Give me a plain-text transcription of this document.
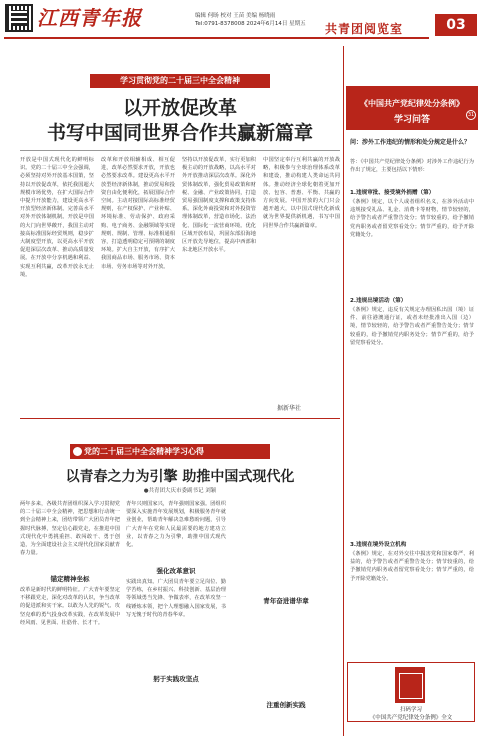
江西青年报	编辑 何旸 校对 王苗 美编 杨晓雨
Tel:0791-8378008 2024年6月14日 星期五 共青团阅览室	03
学习贯彻党的二十届三中全会精神
以开放促改革
书写中国同世界合作共赢新篇章
开放是中国式现代化的鲜明标识。党的二十届三中全会强调，必须坚持对外开放基本国策，坚持以开放促改革，依托我国超大规模市场优势，在扩大国际合作中提升开放能力，建设更高水平开放型经济新体制。完善高水平对外开放体制机制。开放是中国的大门向世界敞开，我国主动对接高标准国际经贸规则，稳步扩大制度型开放，以更高水平开放促进深层次改革、推动高质量发展。在开放中分享机遇和利益、实现互利共赢，改革开放永无止境。
改革和开放相辅相成、相互促进，改革必然要求开放，开放也必然要求改革。建设更高水平开放型经济新体制，推动贸易和投资自由化便利化，拓展国际合作空间。主动对接国际高标准经贸规则，在产权保护、产业补贴、环境标准、劳动保护、政府采购、电子商务、金融领域等实现规则、规制、管理、标准相通相容，打造透明稳定可预期的制度环境。扩大自主开放，有序扩大我国商品市场、服务市场、资本市场、劳务市场等对外开放。
坚持以开放促改革，实行更加积极主动的开放战略，以高水平对外开放推动深层次改革。深化外贸体制改革，强化贸易政策和财税、金融、产业政策协同，打造贸易强国制度支撑和政策支持体系。深化外商投资和对外投资管理体制改革，营造市场化、法治化、国际化一流营商环境。优化区域开放布局，巩固东部沿海地区开放先导地位，提高中西部和东北地区开放水平。
中国坚定奉行互利共赢的开放战略，积极参与全球治理体系改革和建设，推动构建人类命运共同体。推动经济全球化朝着更加开放、包容、普惠、平衡、共赢的方向发展。中国开放的大门只会越开越大，以中国式现代化新成就为世界提供新机遇，书写中国同世界合作共赢新篇章。
据新华社
党的二十届三中全会精神学习心得
以青春之力为引擎 助推中国式现代化
●共青团大庆市委副书记 刘颖
两年多来，各级共青团组织深入学习贯彻党的二十届三中全会精神，把思想和行动统一到全会精神上来，团结带领广大团员青年把握时代脉搏，坚定信心跟党走，在推进中国式现代化中勇挑重担、敢闯敢干、勇于创造，为全面建设社会主义现代化国家贡献青春力量。
锚定精神坐标
改革是新时代的鲜明特征。广大青年要坚定不移跟党走，深化对改革的认识，争当改革的促进派和实干家。以敢为人先的锐气、攻坚克难的勇气投身改革实践，在改革发展中经风雨、见世面、壮筋骨、长才干。
青年兴则国家兴，青年强则国家强。团组织要深入实施青年发展规划，积极服务青年就业创业，帮助青年解决急难愁盼问题，引导广大青年在党和人民最需要的地方建功立业，以青春之力为引擎，助推中国式现代化。
强化改革意识
实践出真知。广大团员青年要立足岗位、勤学苦练，在乡村振兴、科技创新、基层治理等领域勇当先锋、争做表率，在改革攻坚一线锤炼本领，把个人理想融入国家发展，书写无愧于时代的青春华章。
躬于实践攻坚点
青年奋进谱华章
注重创新实践
《中国共产党纪律处分条例》
学习问答	31
问：涉外工作违纪的情形和处分规定是什么？
答：《中国共产党纪律处分条例》对涉外工作违纪行为作出了规定，主要包括以下情形：
1.违规审批、接受境外捐赠（第）
《条例》规定，以个人或者组织名义，在涉外活动中违规接受礼品、礼金、消费卡等财物，情节较轻的，给予警告或者严重警告处分；情节较重的，给予撤销党内职务或者留党察看处分；情节严重的，给予开除党籍处分。
2.违规出境活动（第）
《条例》规定，违反有关规定办理因私出国（境）证件、前往港澳通行证，或者未经批准出入国（边）境，情节较轻的，给予警告或者严重警告处分；情节较重的，给予撤销党内职务处分；情节严重的，给予留党察看处分。
3.违规在境外设立机构
《条例》规定，在对外交往中损害党和国家尊严、利益的，给予警告或者严重警告处分；情节较重的，给予撤销党内职务或者留党察看处分；情节严重的，给予开除党籍处分。
扫码学习
《中国共产党纪律处分条例》全文
